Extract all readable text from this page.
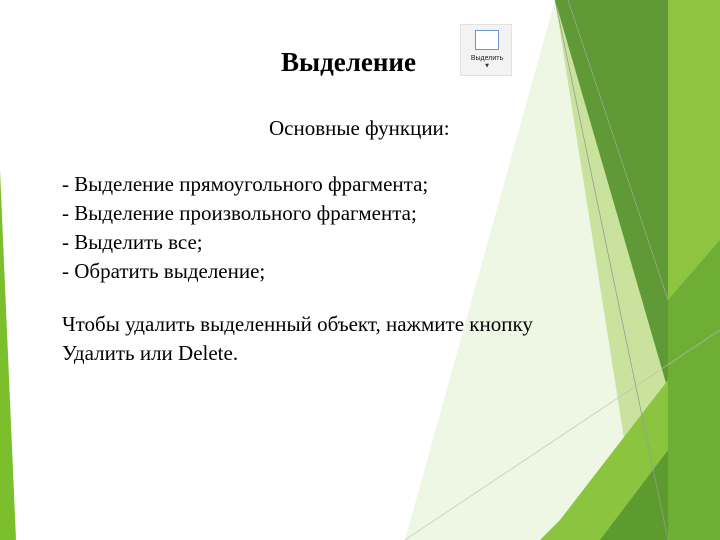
Выделение	Выделить
▼
Основные функции:
- Выделение прямоугольного фрагмента;
- Выделение произвольного фрагмента;
- Выделить все;
- Обратить выделение;

Чтобы удалить выделенный объект, нажмите кнопку Удалить или Delete.
